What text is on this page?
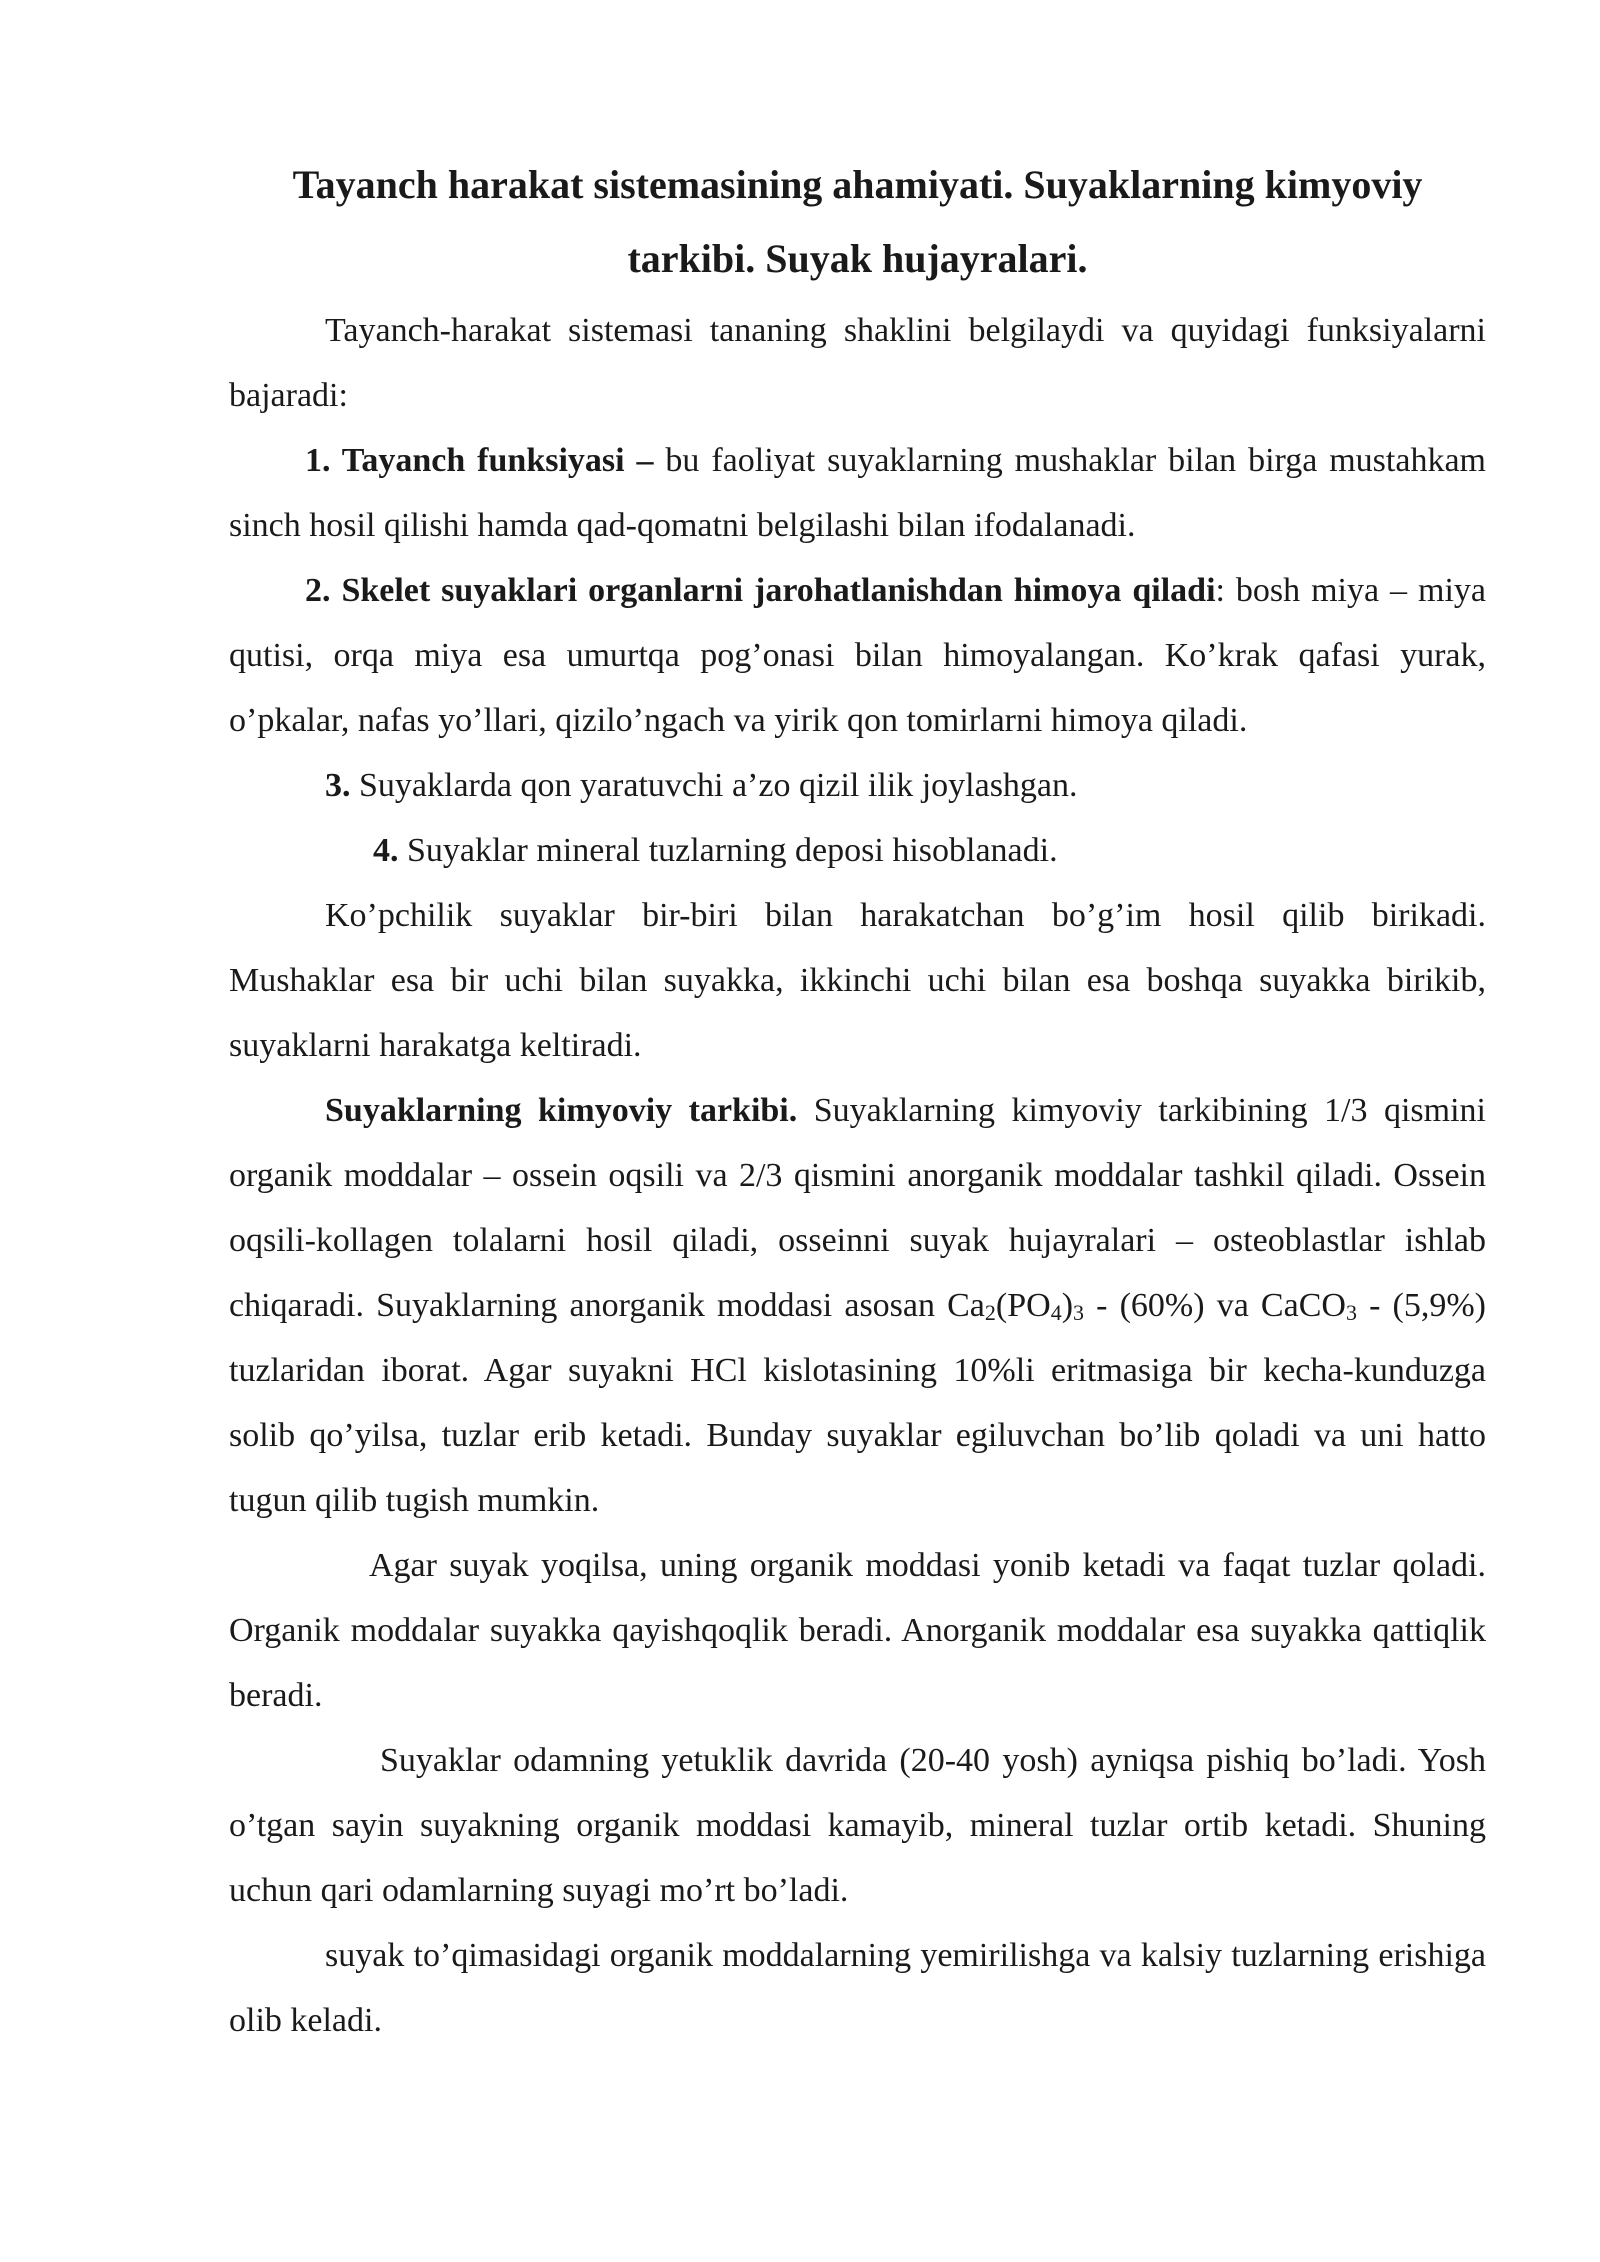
Tayanch harakat sistemasining ahamiyati. Suyaklarning kimyoviy
tarkibi. Suyak hujayralari.

Tayanch-harakat sistemasi tananing shaklini belgilaydi va quyidagi funksiyalarni bajaradi:

1. Tayanch funksiyasi – bu faoliyat suyaklarning mushaklar bilan birga mustahkam sinch hosil qilishi hamda qad-qomatni belgilashi bilan ifodalanadi.

2. Skelet suyaklari organlarni jarohatlanishdan himoya qiladi: bosh miya – miya qutisi, orqa miya esa umurtqa pog’onasi bilan himoyalangan. Ko’krak qafasi yurak, o’pkalar, nafas yo’llari, qizilo’ngach va yirik qon tomirlarni himoya qiladi.

3. Suyaklarda qon yaratuvchi a’zo qizil ilik joylashgan.

4. Suyaklar mineral tuzlarning deposi hisoblanadi.

Ko’pchilik suyaklar bir-biri bilan harakatchan bo’g’im hosil qilib birikadi. Mushaklar esa bir uchi bilan suyakka, ikkinchi uchi bilan esa boshqa suyakka birikib, suyaklarni harakatga keltiradi.

Suyaklarning kimyoviy tarkibi. Suyaklarning kimyoviy tarkibining 1/3 qismini organik moddalar – ossein oqsili va 2/3 qismini anorganik moddalar tashkil qiladi. Ossein oqsili-kollagen tolalarni hosil qiladi, osseinni suyak hujayralari – osteoblastlar ishlab chiqaradi. Suyaklarning anorganik moddasi asosan $Ca_2(PO_4)_3 - (60\%)$ va CaCO$_3$ - (5,9%) tuzlaridan iborat. Agar suyakni HCl kislotasining 10%li eritmasiga bir kecha-kunduzga solib qo’yilsa, tuzlar erib ketadi. Bunday suyaklar egiluvchan bo’lib qoladi va uni hatto tugun qilib tugish mumkin.

Agar suyak yoqilsa, uning organik moddasi yonib ketadi va faqat tuzlar qoladi. Organik moddalar suyakka qayishqoqlik beradi. Anorganik moddalar esa suyakka qattiqlik beradi.

Suyaklar odamning yetuklik davrida (20-40 yosh) ayniqsa pishiq bo’ladi. Yosh o’tgan sayin suyakning organik moddasi kamayib, mineral tuzlar ortib ketadi. Shuning uchun qari odamlarning suyagi mo’rt bo’ladi.

suyak to’qimasidagi organik moddalarning yemirilishga va kalsiy tuzlarning erishiga olib keladi.
